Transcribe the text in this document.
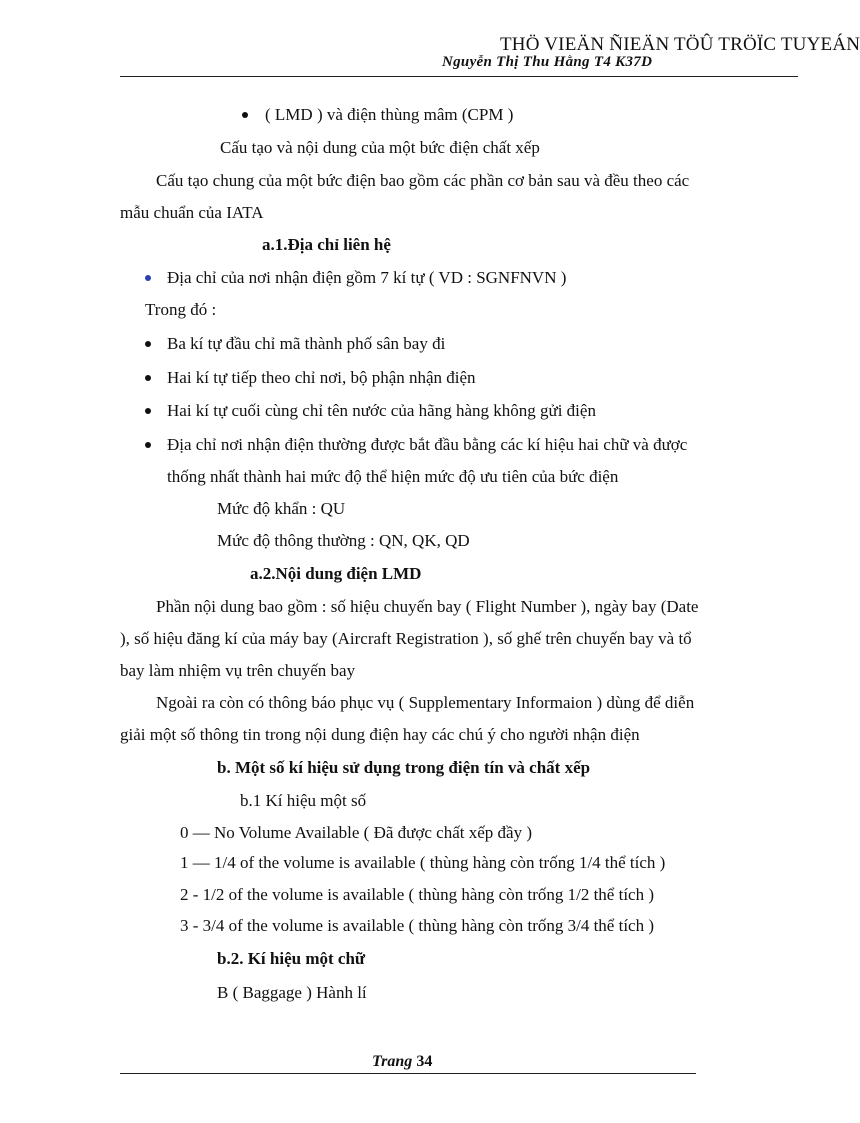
THÖ VIEÄN ÑIEÄN TÖÛ TRÖÏC TUYEÁN
Nguyễn Thị Thu Hằng T4 K37D
( LMD ) và điện thùng mâm (CPM )
Cấu tạo và nội dung của một bức điện chất xếp
Cấu tạo chung của một bức điện bao gồm các phần cơ bản sau và đều theo các
mẫu chuẩn của IATA
a.1.Địa chỉ liên hệ
Địa chỉ của nơi nhận điện gồm 7 kí tự ( VD : SGNFNVN )
Trong đó :
Ba kí tự đầu chỉ mã thành phố sân bay đi
Hai kí tự tiếp theo chỉ nơi, bộ phận nhận điện
Hai kí tự cuối cùng chỉ tên nước của hãng hàng không gửi điện
Địa chỉ nơi nhận điện thường được bắt đầu bằng các kí hiệu hai chữ và được
thống nhất thành hai mức độ thể hiện mức độ ưu tiên của bức điện
Mức độ khẩn : QU
Mức độ thông thường : QN, QK, QD
a.2.Nội dung điện LMD
Phần nội dung bao gồm : số hiệu chuyến bay ( Flight Number ), ngày bay (Date
), số hiệu đăng kí của máy bay (Aircraft Registration ), số ghế trên chuyến bay và tổ
bay làm nhiệm vụ trên chuyến bay
Ngoài ra còn có thông báo phục vụ ( Supplementary Informaion ) dùng để diễn
giải một số thông tin trong nội dung điện hay các chú ý cho người nhận điện
b. Một số kí hiệu sử dụng trong điện tín và chất xếp
b.1 Kí hiệu một số
0 — No Volume Available ( Đã được chất xếp đầy )
1 — 1/4 of the volume is available ( thùng hàng còn trống 1/4 thể tích )
2 - 1/2 of the volume is available ( thùng hàng còn trống 1/2 thể tích )
3 - 3/4 of the volume is available ( thùng hàng còn trống 3/4 thể tích )
b.2. Kí hiệu một chữ
B ( Baggage ) Hành lí
Trang 34
